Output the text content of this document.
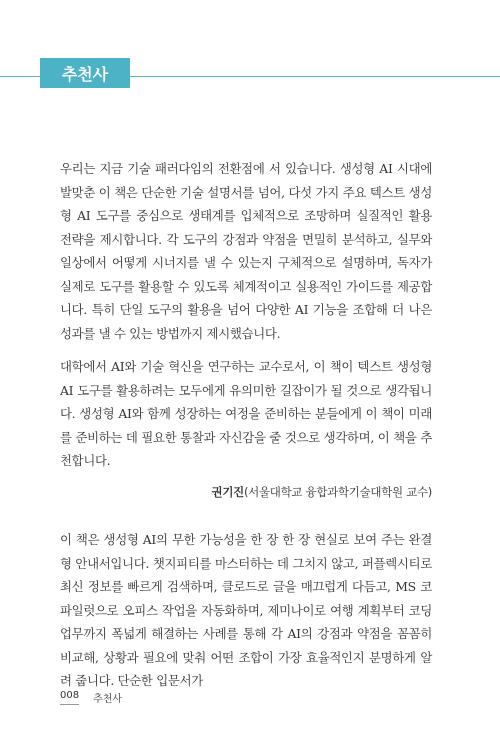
추천사

우리는 지금 기술 패러다임의 전환점에 서 있습니다. 생성형 AI 시대에 발맞춘 이 책은 단순한 기술 설명서를 넘어, 다섯 가지 주요 텍스트 생성형 AI 도구를 중심으로 생태계를 입체적으로 조망하며 실질적인 활용 전략을 제시합니다. 각 도구의 강점과 약점을 면밀히 분석하고, 실무와 일상에서 어떻게 시너지를 낼 수 있는지 구체적으로 설명하며, 독자가 실제로 도구를 활용할 수 있도록 체계적이고 실용적인 가이드를 제공합니다. 특히 단일 도구의 활용을 넘어 다양한 AI 기능을 조합해 더 나은 성과를 낼 수 있는 방법까지 제시했습니다.

대학에서 AI와 기술 혁신을 연구하는 교수로서, 이 책이 텍스트 생성형 AI 도구를 활용하려는 모두에게 유의미한 길잡이가 될 것으로 생각됩니다. 생성형 AI와 함께 성장하는 여정을 준비하는 분들에게 이 책이 미래를 준비하는 데 필요한 통찰과 자신감을 줄 것으로 생각하며, 이 책을 추천합니다.

권기진(서울대학교 융합과학기술대학원 교수)

이 책은 생성형 AI의 무한 가능성을 한 장 한 장 현실로 보여 주는 완결형 안내서입니다. 챗지피티를 마스터하는 데 그치지 않고, 퍼플렉시티로 최신 정보를 빠르게 검색하며, 클로드로 글을 매끄럽게 다듬고, MS 코파일럿으로 오피스 작업을 자동화하며, 제미나이로 여행 계획부터 코딩 업무까지 폭넓게 해결하는 사례를 통해 각 AI의 강점과 약점을 꼼꼼히 비교해, 상황과 필요에 맞춰 어떤 조합이 가장 효율적인지 분명하게 알려 줍니다. 단순한 입문서가

008 추천사
